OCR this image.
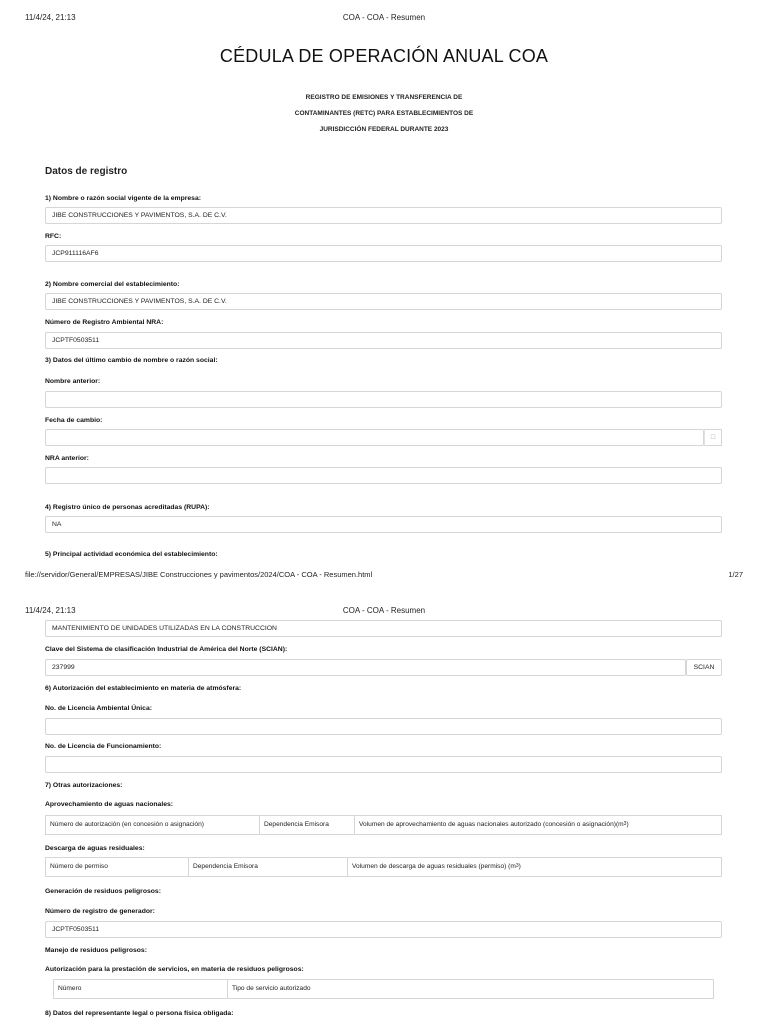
11/4/24, 21:13	COA - COA - Resumen
CÉDULA DE OPERACIÓN ANUAL COA
REGISTRO DE EMISIONES Y TRANSFERENCIA DE
CONTAMINANTES (RETC) PARA ESTABLECIMIENTOS DE
JURISDICCIÓN FEDERAL DURANTE 2023
Datos de registro
1) Nombre o razón social vigente de la empresa:
JIBE CONSTRUCCIONES Y PAVIMENTOS, S.A. DE C.V.
RFC:
JCP911116AF6
2) Nombre comercial del establecimiento:
JIBE CONSTRUCCIONES Y PAVIMENTOS, S.A. DE C.V.
Número de Registro Ambiental NRA:
JCPTF0503511
3) Datos del último cambio de nombre o razón social:
Nombre anterior:
Fecha de cambio:
□
NRA anterior:
4) Registro único de personas acreditadas (RUPA):
NA
5) Principal actividad económica del establecimiento:
file://servidor/General/EMPRESAS/JIBE Construcciones y pavimentos/2024/COA - COA - Resumen.html	1/27
11/4/24, 21:13	COA - COA - Resumen
MANTENIMIENTO DE UNIDADES UTILIZADAS EN LA CONSTRUCCION
Clave del Sistema de clasificación Industrial de América del Norte (SCIAN):
237999	SCIAN
6) Autorización del establecimiento en materia de atmósfera:
No. de Licencia Ambiental Única:
No. de Licencia de Funcionamiento:
7) Otras autorizaciones:
Aprovechamiento de aguas nacionales:
Número de autorización (en concesión o asignación)	Dependencia Emisora	Volumen de aprovechamiento de aguas nacionales autorizado (concesión o $asignación)(m^3)$
Descarga de aguas residuales:
Número de permiso	Dependencia Emisora	Volumen de descarga de aguas residuales (permiso) $(m^3)$
Generación de residuos peligrosos:
Número de registro de generador:
JCPTF0503511
Manejo de residuos peligrosos:
Autorización para la prestación de servicios, en materia de residuos peligrosos:
Número	Tipo de servicio autorizado
8) Datos del representante legal o persona física obligada:
